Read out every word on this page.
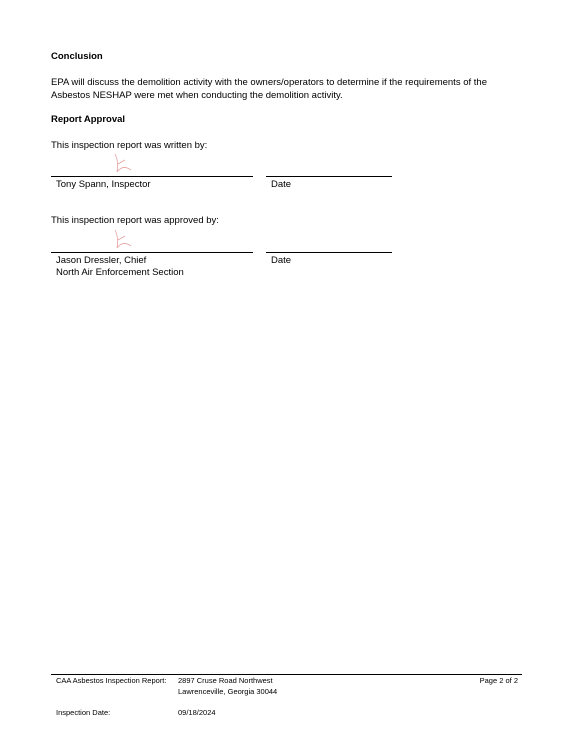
Conclusion
EPA will discuss the demolition activity with the owners/operators to determine if the requirements of the
Asbestos NESHAP were met when conducting the demolition activity.
Report Approval
This inspection report was written by:
Tony Spann, Inspector	Date
This inspection report was approved by:
Jason Dressler, Chief
North Air Enforcement Section
Date
CAA Asbestos Inspection Report: 2897 Cruse Road Northwest
Lawrenceville, Georgia 30044
Page 2 of 2
Inspection Date:	09/18/2024
